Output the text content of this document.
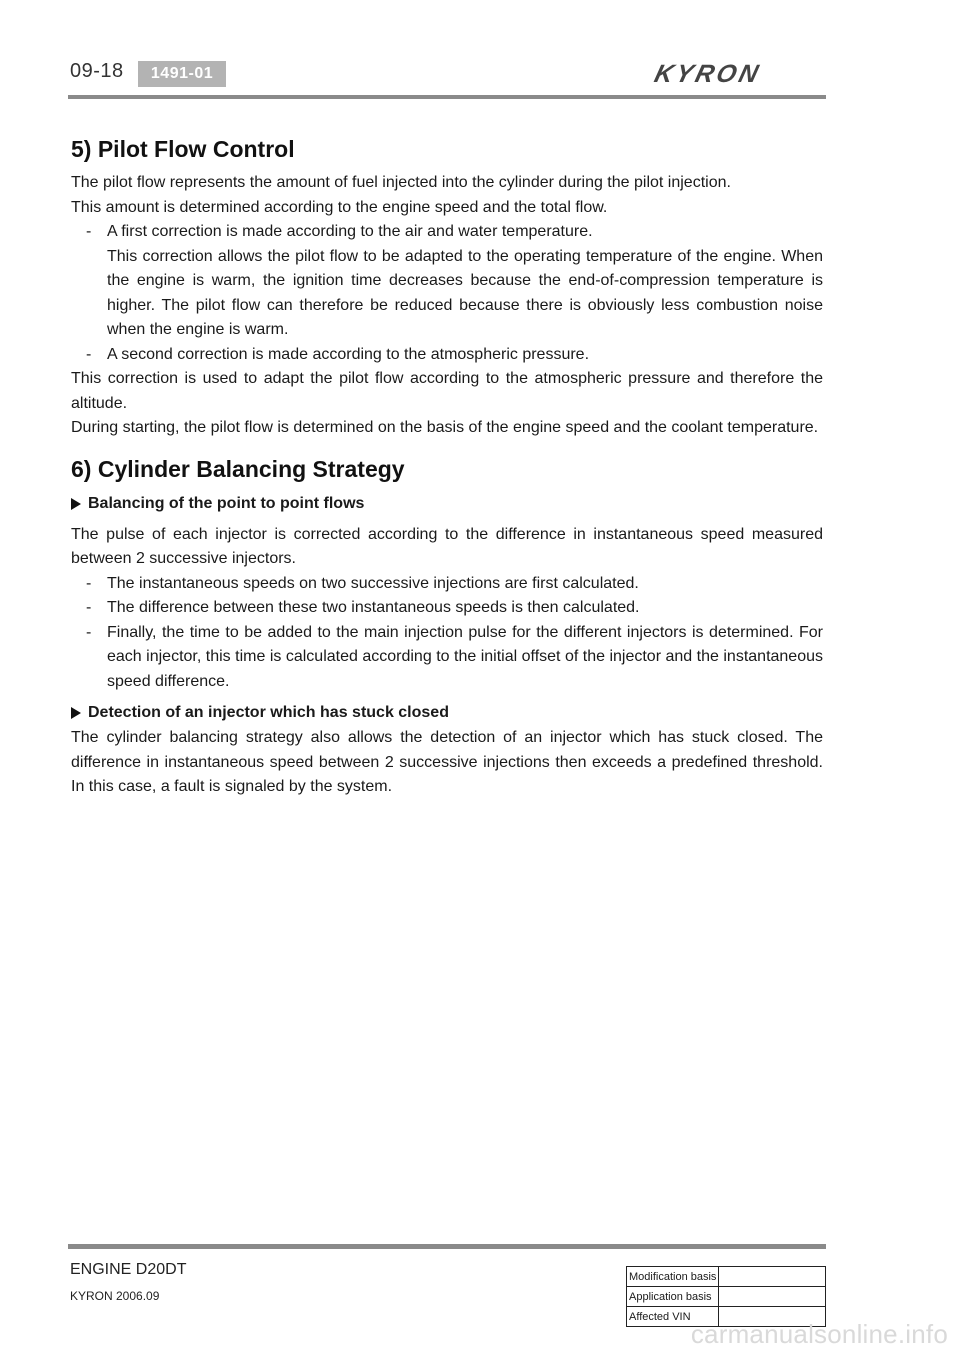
09-18	1491-01	KYRON
5) Pilot Flow Control

The pilot flow represents the amount of fuel injected into the cylinder during the pilot injection.

This amount is determined according to the engine speed and the total flow.

- A first correction is made according to the air and water temperature.
This correction allows the pilot flow to be adapted to the operating temperature of the engine. When the engine is warm, the ignition time decreases because the end-of-compression temperature is higher. The pilot flow can therefore be reduced because there is obviously less combustion noise when the engine is warm.
- A second correction is made according to the atmospheric pressure.

This correction is used to adapt the pilot flow according to the atmospheric pressure and therefore the altitude.

During starting, the pilot flow is determined on the basis of the engine speed and the coolant temperature.

6) Cylinder Balancing Strategy
Balancing of the point to point flows

The pulse of each injector is corrected according to the difference in instantaneous speed measured between 2 successive injectors.

- The instantaneous speeds on two successive injections are first calculated.
- The difference between these two instantaneous speeds is then calculated.
- Finally, the time to be added to the main injection pulse for the different injectors is determined. For each injector, this time is calculated according to the initial offset of the injector and the instantaneous speed difference.
Detection of an injector which has stuck closed

The cylinder balancing strategy also allows the detection of an injector which has stuck closed. The difference in instantaneous speed between 2 successive injections then exceeds a predefined threshold. In this case, a fault is signaled by the system.

ENGINE D20DT
KYRON 2006.09
Modification basis	
Application basis	
Affected VIN	
carmanualsonline.info
